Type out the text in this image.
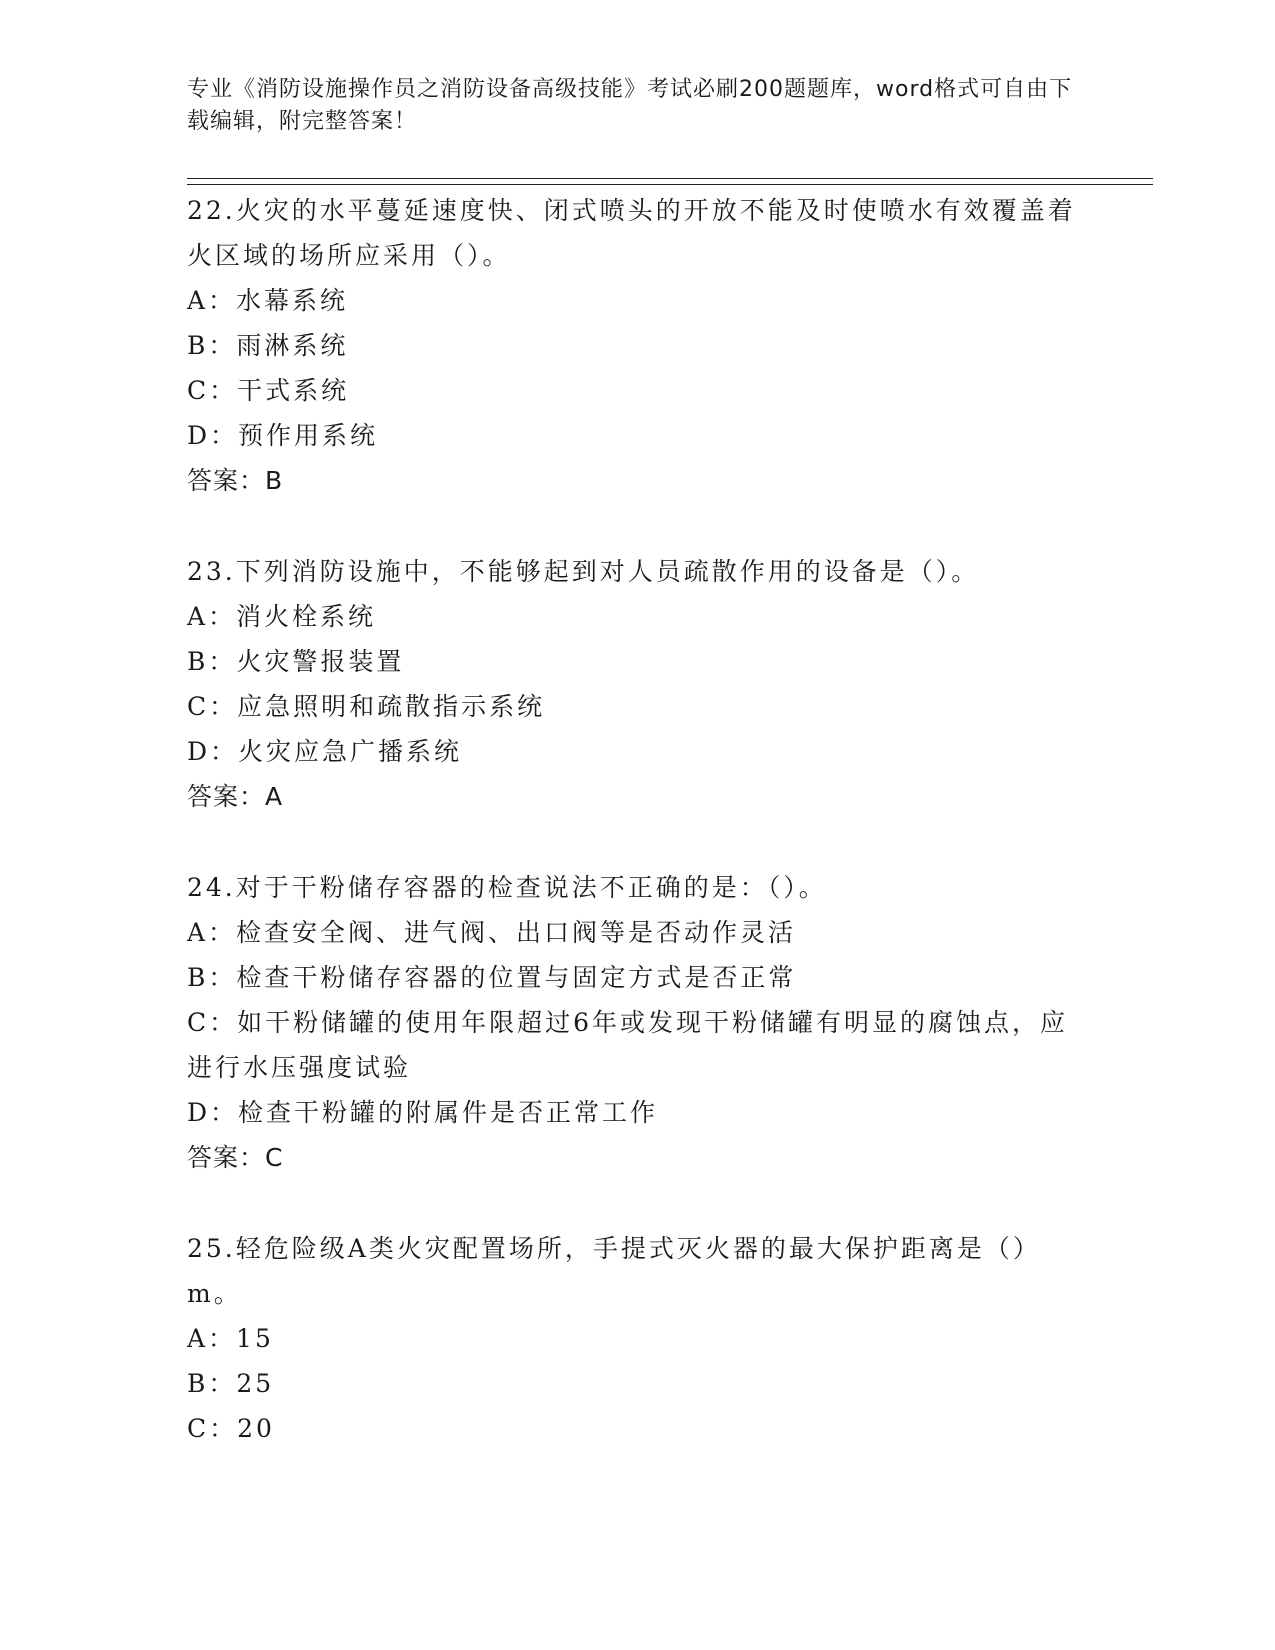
专业《消防设施操作员之消防设备高级技能》考试必刷200题题库，word格式可自由下载编辑，附完整答案！

22.火灾的水平蔓延速度快、闭式喷头的开放不能及时使喷水有效覆盖着火区域的场所应采用（）。

A：水幕系统

B：雨淋系统

C：干式系统

D：预作用系统

答案：B

23.下列消防设施中，不能够起到对人员疏散作用的设备是（）。

A：消火栓系统

B：火灾警报装置

C：应急照明和疏散指示系统

D：火灾应急广播系统

答案：A

24.对于干粉储存容器的检查说法不正确的是：（）。

A：检查安全阀、进气阀、出口阀等是否动作灵活

B：检查干粉储存容器的位置与固定方式是否正常

C：如干粉储罐的使用年限超过6年或发现干粉储罐有明显的腐蚀点，应进行水压强度试验

D：检查干粉罐的附属件是否正常工作

答案：C

25.轻危险级A类火灾配置场所，手提式灭火器的最大保护距离是（）m。

A：15

B：25

C：20
